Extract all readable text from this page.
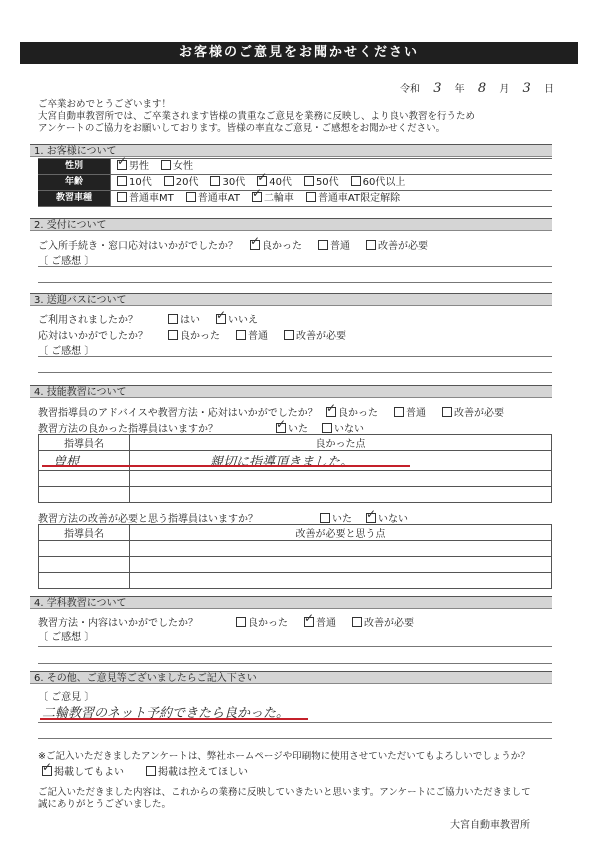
お客様のご意見をお聞かせください
令和 3 年 8 月 3 日
ご卒業おめでとうございます！
大宮自動車教習所では、ご卒業されます皆様の貴重なご意見を業務に反映し、より良い教習を行うため
アンケートのご協力をお願いしております。皆様の率直なご意見・ご感想をお聞かせください。
1. お客様について
性別	✓ 男性 女性
年齢	10代 20代 30代 ✓ 40代 50代 60代以上
教習車種	普通車MT 普通車AT ✓ 二輪車 普通車AT限定解除
2. 受付について
ご入所手続き・窓口応対はいかがでしたか？ ✓ 良かった	普通	改善が必要
〔 ご感想 〕
3. 送迎バスについて
ご利用されましたか？	はい ✓ いいえ
応対はいかがでしたか？	良かった	普通	改善が必要
〔 ご感想 〕
4. 技能教習について
教習指導員のアドバイスや教習方法・応対はいかがでしたか？ ✓ 良かった	普通	改善が必要
教習方法の良かった指導員はいますか？	✓ いた	いない
指導員名	良かった点
曽根	親切に指導頂きました。

教習方法の改善が必要と思う指導員はいますか？	いた ✓ いない
指導員名	改善が必要と思う点

4. 学科教習について
教習方法・内容はいかがでしたか？	良かった ✓ 普通	改善が必要
〔 ご感想 〕
6. その他、ご意見等ございましたらご記入下さい
〔 ご意見 〕
二輪教習のネット予約できたら良かった。
※ご記入いただきましたアンケートは、弊社ホームページや印刷物に使用させていただいてもよろしいでしょうか？
✓ 掲載してもよい	掲載は控えてほしい
ご記入いただきました内容は、これからの業務に反映していきたいと思います。アンケートにご協力いただきまして
誠にありがとうございました。
大宮自動車教習所
